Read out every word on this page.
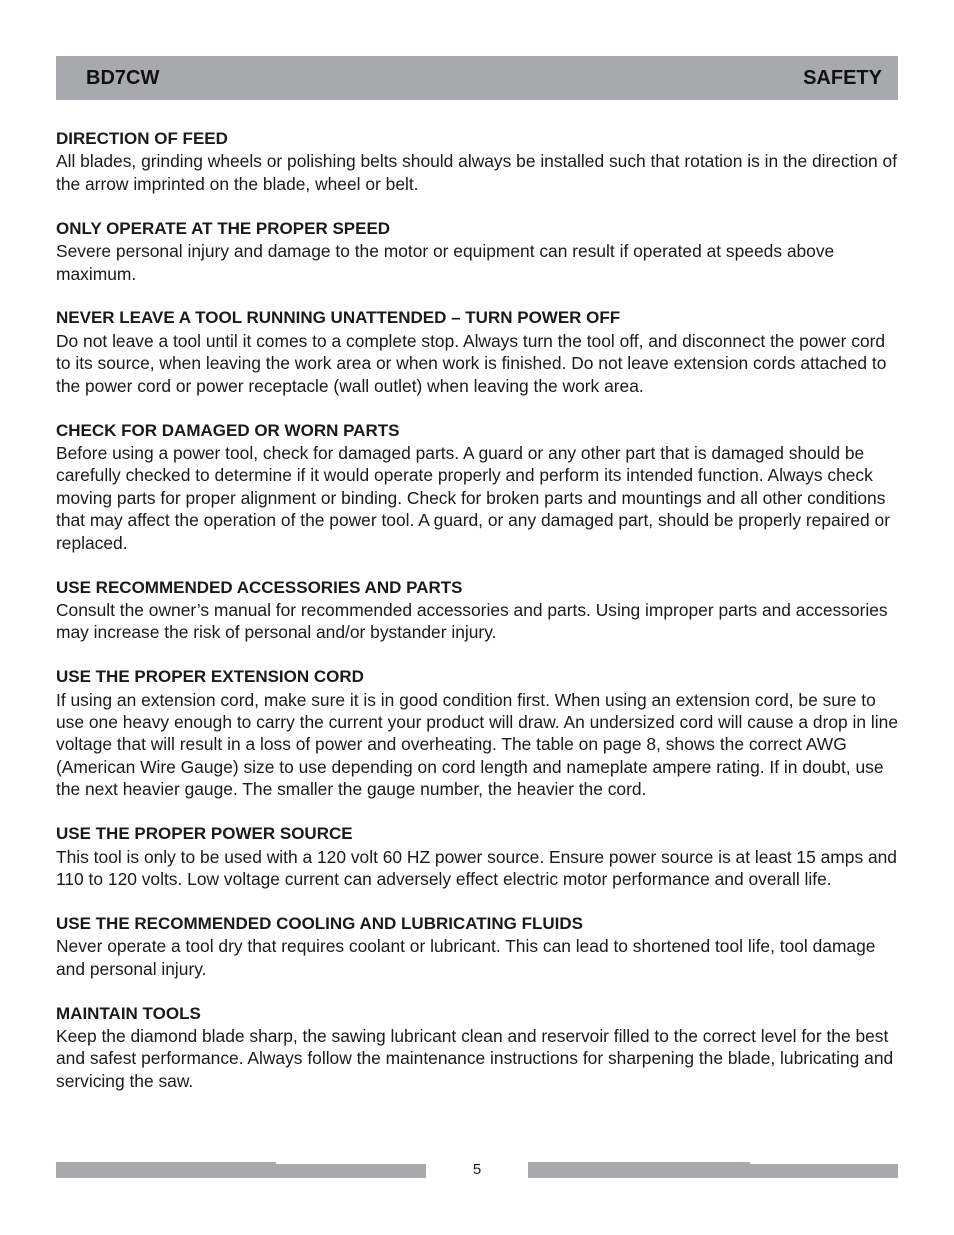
BD7CW	SAFETY

DIRECTION OF FEED

All blades, grinding wheels or polishing belts should always be installed such that rotation is in the direction of the arrow imprinted on the blade, wheel or belt.

ONLY OPERATE AT THE PROPER SPEED

Severe personal injury and damage to the motor or equipment can result if operated at speeds above maximum.

NEVER LEAVE A TOOL RUNNING UNATTENDED – TURN POWER OFF

Do not leave a tool until it comes to a complete stop. Always turn the tool off, and disconnect the power cord to its source, when leaving the work area or when work is finished. Do not leave extension cords attached to the power cord or power receptacle (wall outlet) when leaving the work area.

CHECK FOR DAMAGED OR WORN PARTS

Before using a power tool, check for damaged parts. A guard or any other part that is damaged should be carefully checked to determine if it would operate properly and perform its intended function. Always check moving parts for proper alignment or binding. Check for broken parts and mountings and all other conditions that may affect the operation of the power tool. A guard, or any damaged part, should be properly repaired or replaced.

USE RECOMMENDED ACCESSORIES AND PARTS

Consult the owner’s manual for recommended accessories and parts. Using improper parts and accessories may increase the risk of personal and/or bystander injury.

USE THE PROPER EXTENSION CORD

If using an extension cord, make sure it is in good condition first. When using an extension cord, be sure to use one heavy enough to carry the current your product will draw. An undersized cord will cause a drop in line voltage that will result in a loss of power and overheating. The table on page 8, shows the correct AWG (American Wire Gauge) size to use depending on cord length and nameplate ampere rating. If in doubt, use the next heavier gauge. The smaller the gauge number, the heavier the cord.

USE THE PROPER POWER SOURCE

This tool is only to be used with a 120 volt 60 HZ power source. Ensure power source is at least 15 amps and 110 to 120 volts. Low voltage current can adversely effect electric motor performance and overall life.

USE THE RECOMMENDED COOLING AND LUBRICATING FLUIDS

Never operate a tool dry that requires coolant or lubricant. This can lead to shortened tool life, tool damage and personal injury.

MAINTAIN TOOLS

Keep the diamond blade sharp, the sawing lubricant clean and reservoir filled to the correct level for the best and safest performance. Always follow the maintenance instructions for sharpening the blade, lubricating and servicing the saw.

5
